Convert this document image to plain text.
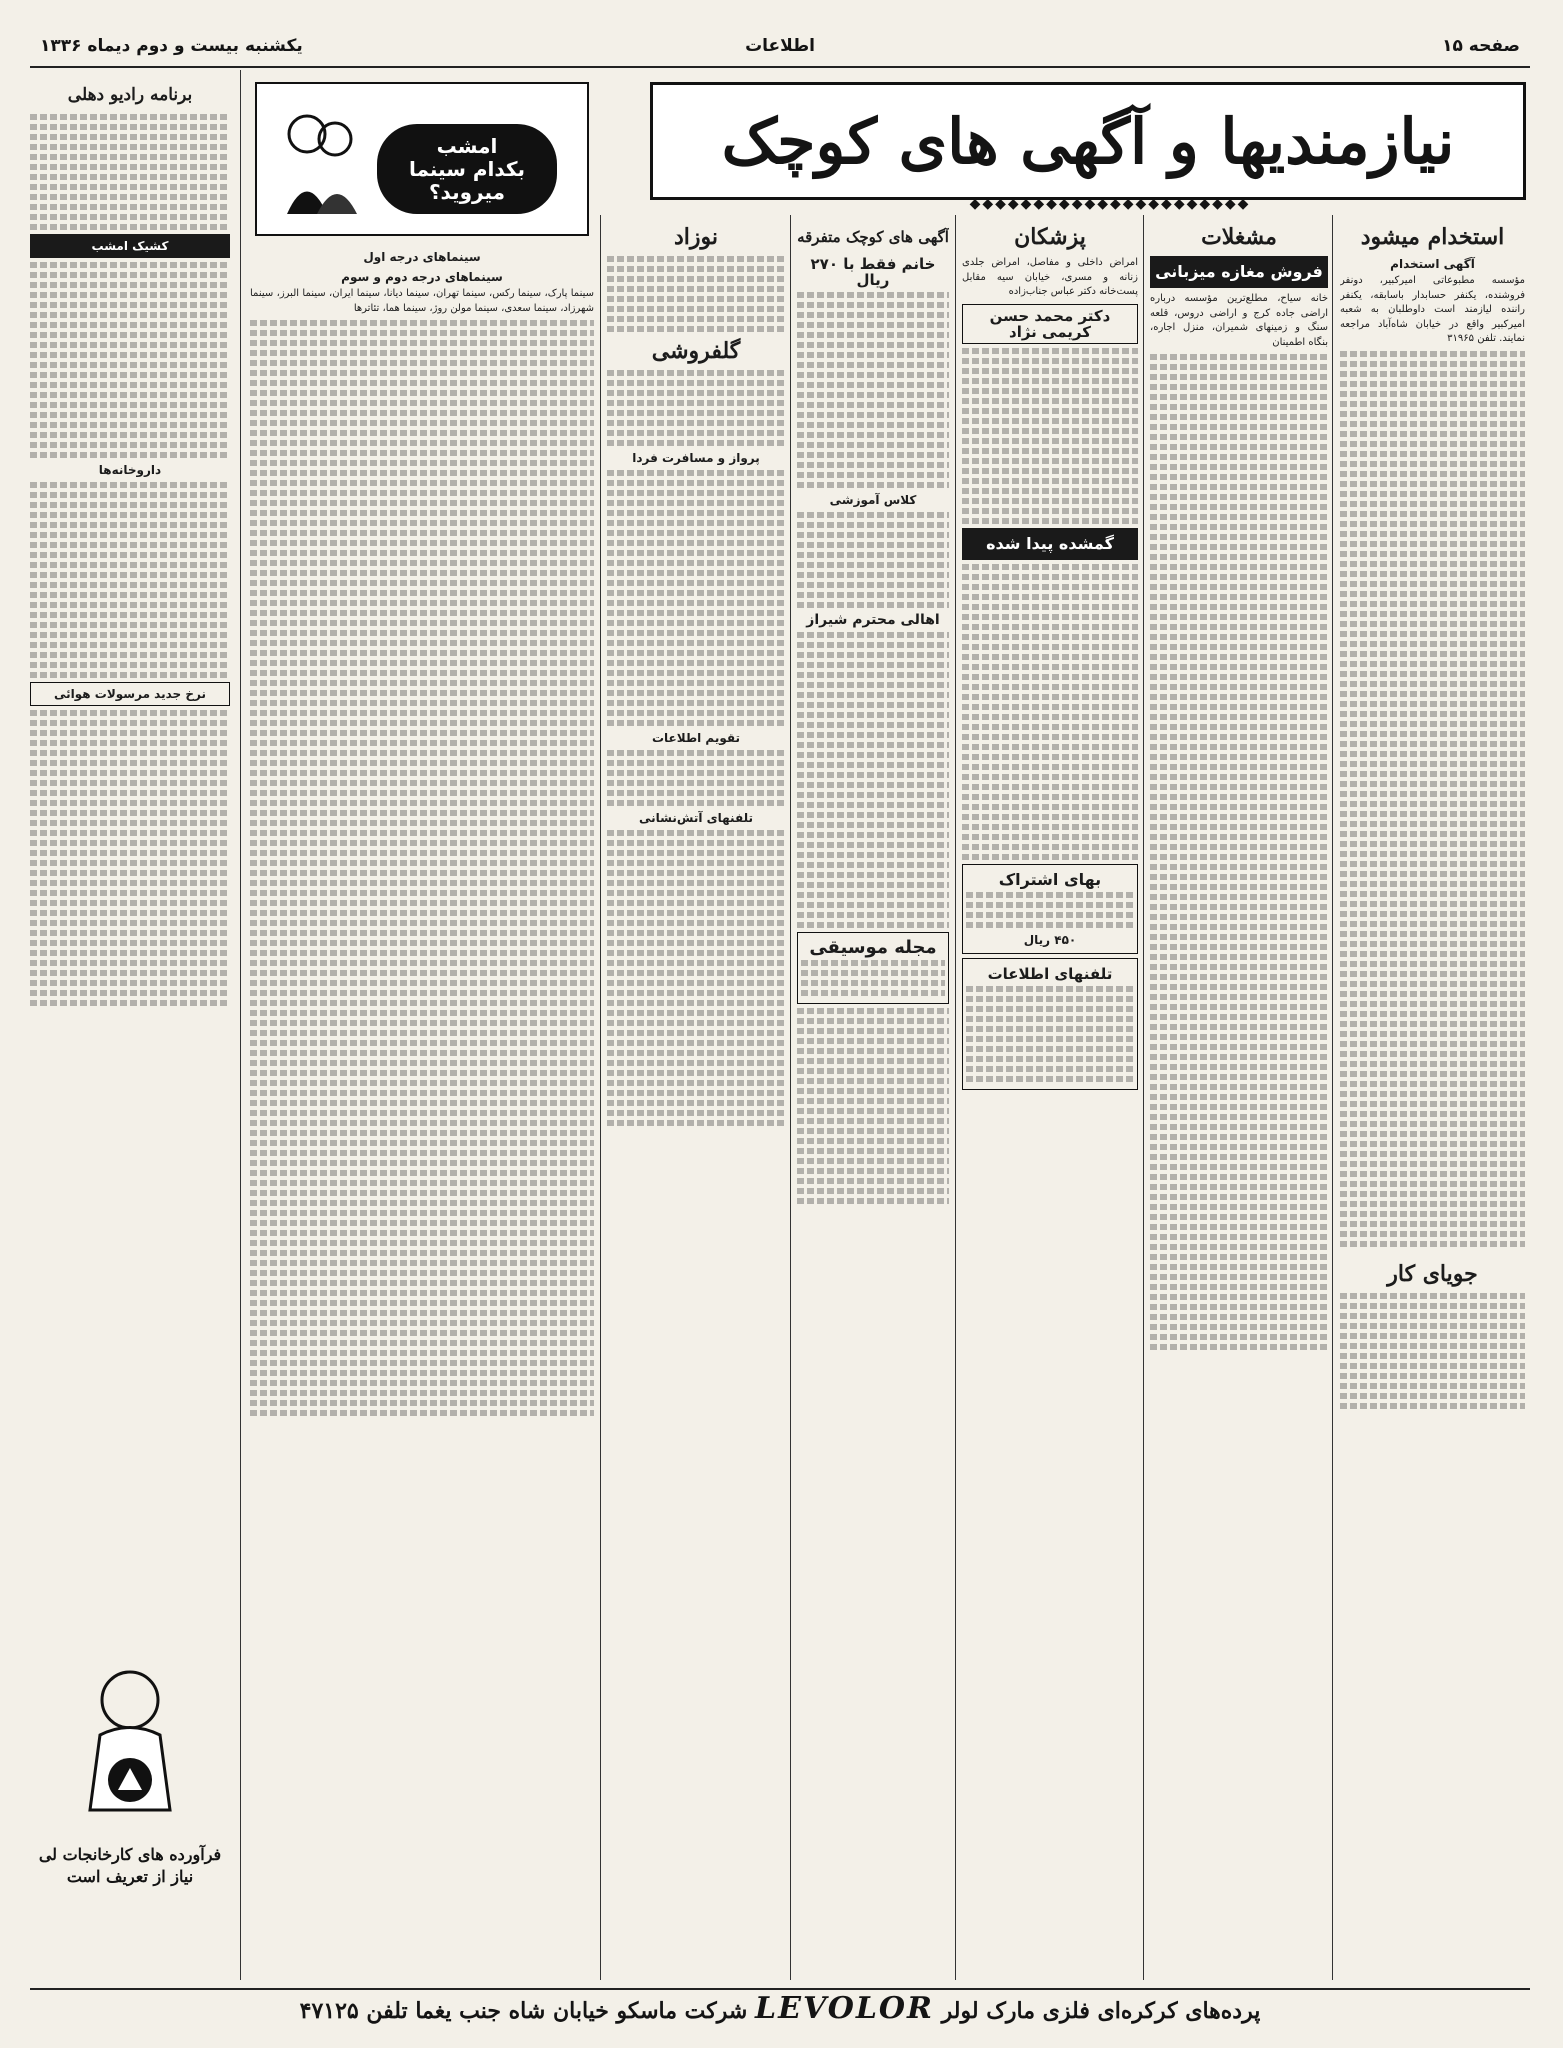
یکشنبه بیست و دوم دیماه ۱۳۳۶	اطلاعات	صفحه ۱۵
نیازمندیها و آگهی های کوچک
◆◆◆◆◆◆◆◆◆◆◆◆◆◆◆◆◆◆◆◆◆◆
امشب
بکدام سینما
میروید؟
استخدام میشود
آگهی استخدام

مؤسسه مطبوعاتی امیرکبیر، دونفر فروشنده، یکنفر حسابدار باسابقه، یکنفر راننده لیازمند است داوطلبان به شعبه امیرکبیر واقع در خیابان شاه‌آباد مراجعه نمایند. تلفن ۳۱۹۶۵

جویای کار
مشغلات
فروش مغازه میزبانی

خانه سیاح، مطلع‌ترین مؤسسه درباره اراضی جاده کرج و اراضی دروس، قلعه سنگ و زمینهای شمیران، منزل اجاره، بنگاه اطمینان

پزشکان

امراض داخلی و مفاصل، امراض جلدی زنانه و مسری، خیابان سیه مقابل پست‌خانه دکتر عباس جناب‌زاده

دکتر محمد حسن کریمی نژاد
گمشده پیدا شده
بهای اشتراک
۴۵۰ ریال
تلفنهای اطلاعات
آگهی های کوچک متفرقه
خانم فقط با ۲۷۰ ریال
کلاس آموزشی
اهالی محترم شیراز
مجله موسیقی
نوزاد
گلفروشی
پرواز و مسافرت فردا
تقویم اطلاعات
تلفنهای آتش‌نشانی
سینماهای درجه اول
سینماهای درجه دوم و سوم

سینما پارک، سینما رکس، سینما تهران، سینما دیانا، سینما ایران، سینما البرز، سینما شهرزاد، سینما سعدی، سینما مولن روژ، سینما هما، تئاترها

برنامه رادیو دهلی
کشیک امشب
داروخانه‌ها
نرخ جدید مرسولات هوائی
فرآورده های کارخانجات لی نیاز از تعریف است
پرده‌های کرکره‌ای فلزی مارک لولر LEVOLOR شرکت ماسکو خیابان شاه جنب یغما تلفن ۴۷۱۲۵
